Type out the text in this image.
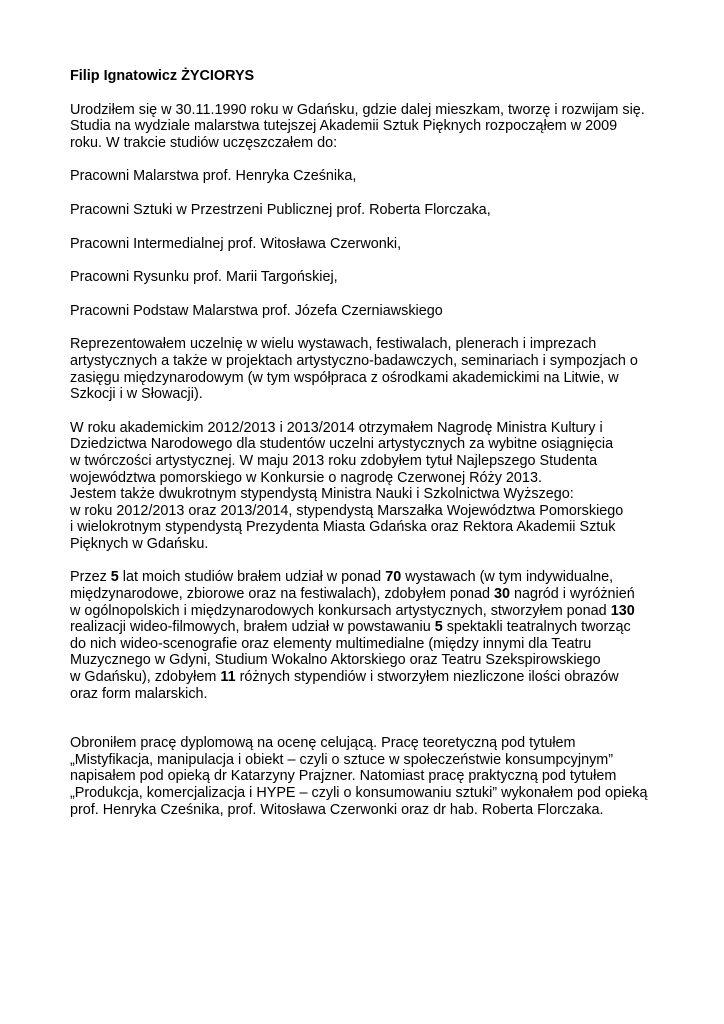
Filip Ignatowicz ŻYCIORYS

Urodziłem się w 30.11.1990 roku w Gdańsku, gdzie dalej mieszkam, tworzę i rozwijam się.
Studia na wydziale malarstwa tutejszej Akademii Sztuk Pięknych rozpocząłem w 2009
roku. W trakcie studiów uczęszczałem do:

Pracowni Malarstwa prof. Henryka Cześnika,
Pracowni Sztuki w Przestrzeni Publicznej prof. Roberta Florczaka,
Pracowni Intermedialnej prof. Witosława Czerwonki,
Pracowni Rysunku prof. Marii Targońskiej,
Pracowni Podstaw Malarstwa prof. Józefa Czerniawskiego

Reprezentowałem uczelnię w wielu wystawach, festiwalach, plenerach i imprezach
artystycznych a także w projektach artystyczno-badawczych, seminariach i sympozjach o
zasięgu międzynarodowym (w tym współpraca z ośrodkami akademickimi na Litwie, w
Szkocji i w Słowacji).

W roku akademickim 2012/2013 i 2013/2014 otrzymałem Nagrodę Ministra Kultury i
Dziedzictwa Narodowego dla studentów uczelni artystycznych za wybitne osiągnięcia
w twórczości artystycznej. W maju 2013 roku zdobyłem tytuł Najlepszego Studenta
województwa pomorskiego w Konkursie o nagrodę Czerwonej Róży 2013.
Jestem także dwukrotnym stypendystą Ministra Nauki i Szkolnictwa Wyższego:
w roku 2012/2013 oraz 2013/2014, stypendystą Marszałka Województwa Pomorskiego
i wielokrotnym stypendystą Prezydenta Miasta Gdańska oraz Rektora Akademii Sztuk
Pięknych w Gdańsku.

Przez 5 lat moich studiów brałem udział w ponad 70 wystawach (w tym indywidualne,
międzynarodowe, zbiorowe oraz na festiwalach), zdobyłem ponad 30 nagród i wyróżnień
w ogólnopolskich i międzynarodowych konkursach artystycznych, stworzyłem ponad 130
realizacji wideo-filmowych, brałem udział w powstawaniu 5 spektakli teatralnych tworząc
do nich wideo-scenografie oraz elementy multimedialne (między innymi dla Teatru
Muzycznego w Gdyni, Studium Wokalno Aktorskiego oraz Teatru Szekspirowskiego
w Gdańsku), zdobyłem 11 różnych stypendiów i stworzyłem niezliczone ilości obrazów
oraz form malarskich.

Obroniłem pracę dyplomową na ocenę celującą. Pracę teoretyczną pod tytułem
„Mistyfikacja, manipulacja i obiekt – czyli o sztuce w społeczeństwie konsumpcyjnym”
napisałem pod opieką dr Katarzyny Prajzner. Natomiast pracę praktyczną pod tytułem
„Produkcja, komercjalizacja i HYPE – czyli o konsumowaniu sztuki” wykonałem pod opieką
prof. Henryka Cześnika, prof. Witosława Czerwonki oraz dr hab. Roberta Florczaka.
